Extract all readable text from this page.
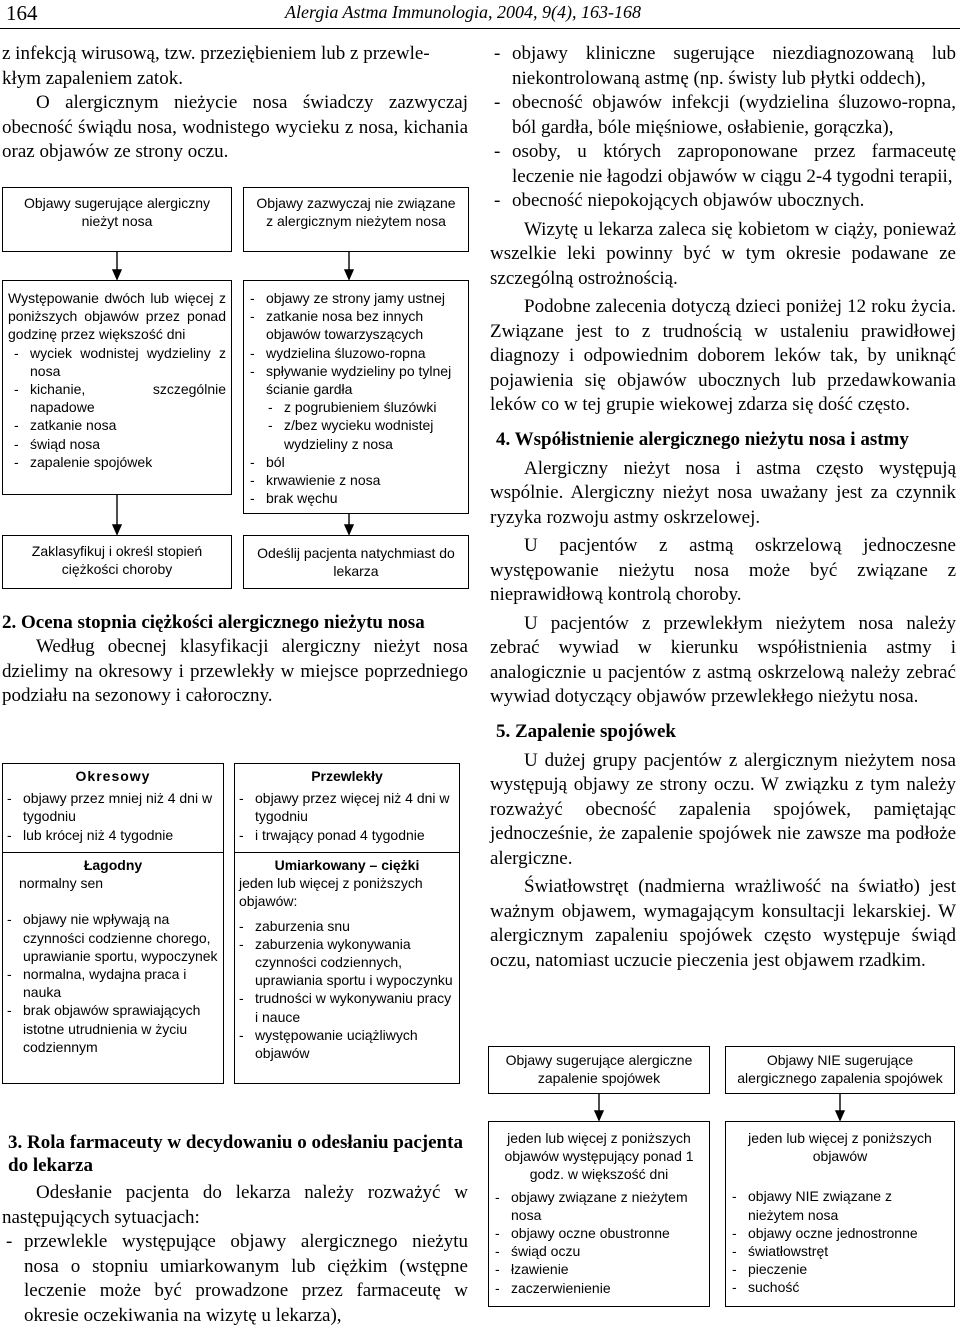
164	Alergia Astma Immunologia, 2004, 9(4), 163-168

z infekcją wirusową, tzw. przeziębieniem lub z przewle-

kłym zapaleniem zatok.

O alergicznym nieżycie nosa świadczy zazwyczaj obecność świądu nosa, wodnistego wycieku z nosa, kichania oraz objawów ze strony oczu.

Objawy sugerujące alergiczny nieżyt nosa
Objawy zazwyczaj nie związane z alergicznym nieżytem nosa
Występowanie dwóch lub więcej z poniższych objawów przez ponad godzinę przez większość dni
- wyciek wodnistej wydzieliny z nosa
- kichanie, szczególnie napadowe
- zatkanie nosa
- świąd nosa
- zapalenie spojówek
- objawy ze strony jamy ustnej
- zatkanie nosa bez innych objawów towarzyszących
- wydzielina śluzowo-ropna
- spływanie wydzieliny po tylnej ścianie gardła
- z pogrubieniem śluzówki
- z/bez wycieku wodnistej wydzieliny z nosa
- ból
- krwawienie z nosa
- brak węchu
Zaklasyfikuj i określ stopień ciężkości choroby
Odeślij pacjenta natychmiast do lekarza

2. Ocena stopnia ciężkości alergicznego nieżytu nosa

Według obecnej klasyfikacji alergiczny nieżyt nosa dzielimy na okresowy i przewlekły w miejsce poprzedniego podziału na sezonowy i całoroczny.

Okresowy
- objawy przez mniej niż 4 dni w tygodniu
- lub krócej niż 4 tygodnie
Łagodny
normalny sen
- objawy nie wpływają na czynności codzienne chorego, uprawianie sportu, wypoczynek
- normalna, wydajna praca i nauka
- brak objawów sprawiających istotne utrudnienia w życiu codziennym
Przewlekły
- objawy przez więcej niż 4 dni w tygodniu
- i trwający ponad 4 tygodnie
Umiarkowany – ciężki
jeden lub więcej z poniższych objawów:
- zaburzenia snu
- zaburzenia wykonywania czynności codziennych, uprawiania sportu i wypoczynku
- trudności w wykonywaniu pracy i nauce
- występowanie uciążliwych objawów

3. Rola farmaceuty w decydowaniu o odesłaniu pacjenta do lekarza

Odesłanie pacjenta do lekarza należy rozważyć w następujących sytuacjach:

- przewlekle występujące objawy alergicznego nieżytu nosa o stopniu umiarkowanym lub ciężkim (wstępne leczenie może być prowadzone przez farmaceutę w okresie oczekiwania na wizytę u lekarza),
- objawy kliniczne sugerujące niezdiagnozowaną lub niekontrolowaną astmę (np. świsty lub płytki oddech),
- obecność objawów infekcji (wydzielina śluzowo-ropna, ból gardła, bóle mięśniowe, osłabienie, gorączka),
- osoby, u których zaproponowane przez farmaceutę leczenie nie łagodzi objawów w ciągu 2-4 tygodni terapii,
- obecność niepokojących objawów ubocznych.

Wizytę u lekarza zaleca się kobietom w ciąży, ponieważ wszelkie leki powinny być w tym okresie podawane ze szczególną ostrożnością.

Podobne zalecenia dotyczą dzieci poniżej 12 roku życia. Związane jest to z trudnością w ustaleniu prawidłowej diagnozy i odpowiednim doborem leków tak, by uniknąć pojawienia się objawów ubocznych lub przedawkowania leków co w tej grupie wiekowej zdarza się dość często.

4. Współistnienie alergicznego nieżytu nosa i astmy

Alergiczny nieżyt nosa i astma często występują wspólnie. Alergiczny nieżyt nosa uważany jest za czynnik ryzyka rozwoju astmy oskrzelowej.

U pacjentów z astmą oskrzelową jednoczesne występowanie nieżytu nosa może być związane z nieprawidłową kontrolą choroby.

U pacjentów z przewlekłym nieżytem nosa należy zebrać wywiad w kierunku współistnienia astmy i analogicznie u pacjentów z astmą oskrzelową należy zebrać wywiad dotyczący objawów przewlekłego nieżytu nosa.

5. Zapalenie spojówek

U dużej grupy pacjentów z alergicznym nieżytem nosa występują objawy ze strony oczu. W związku z tym należy rozważyć obecność zapalenia spojówek, pamiętając jednocześnie, że zapalenie spojówek nie zawsze ma podłoże alergiczne.

Światłowstręt (nadmierna wrażliwość na światło) jest ważnym objawem, wymagającym konsultacji lekarskiej. W alergicznym zapaleniu spojówek często występuje świąd oczu, natomiast uczucie pieczenia jest objawem rzadkim.

Objawy sugerujące alergiczne zapalenie spojówek
Objawy NIE sugerujące alergicznego zapalenia spojówek
jeden lub więcej z poniższych objawów występujący ponad 1 godz. w większość dni
- objawy związane z nieżytem nosa
- objawy oczne obustronne
- świąd oczu
- łzawienie
- zaczerwienienie
jeden lub więcej z poniższych objawów
- objawy NIE związane z nieżytem nosa
- objawy oczne jednostronne
- światłowstręt
- pieczenie
- suchość
